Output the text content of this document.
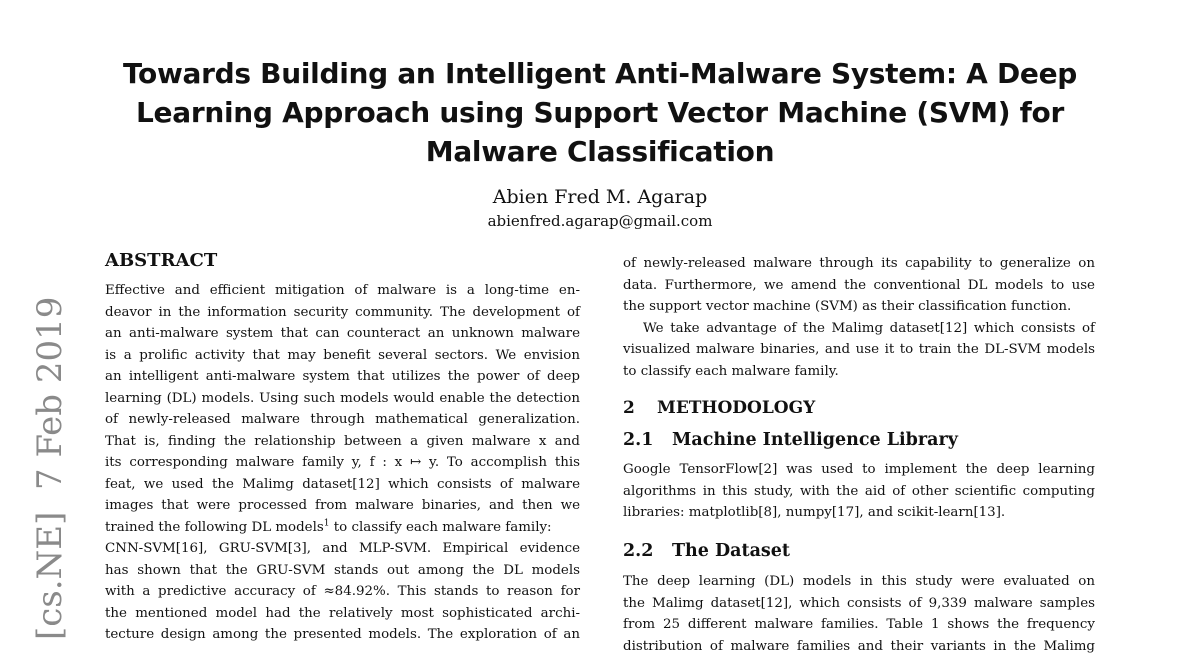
Towards Building an Intelligent Anti-Malware System: A Deep
Learning Approach using Support Vector Machine (SVM) for
Malware Classification
Abien Fred M. Agarap
abienfred.agarap@gmail.com
[cs.NE]  7 Feb 2019
ABSTRACT
Effective and efficient mitigation of malware is a long-time en-
deavor in the information security community. The development of
an anti-malware system that can counteract an unknown malware
is a prolific activity that may benefit several sectors. We envision
an intelligent anti-malware system that utilizes the power of deep
learning (DL) models. Using such models would enable the detection
of newly-released malware through mathematical generalization.
That is, finding the relationship between a given malware x and
its corresponding malware family y, f : x ↦ y. To accomplish this
feat, we used the Malimg dataset[12] which consists of malware
images that were processed from malware binaries, and then we
trained the following DL models$^1$ to classify each malware family:
CNN-SVM[16], GRU-SVM[3], and MLP-SVM. Empirical evidence
has shown that the GRU-SVM stands out among the DL models
with a predictive accuracy of ≈84.92%. This stands to reason for
the mentioned model had the relatively most sophisticated archi-
tecture design among the presented models. The exploration of an
of newly-released malware through its capability to generalize on
data. Furthermore, we amend the conventional DL models to use
the support vector machine (SVM) as their classification function.
We take advantage of the Malimg dataset[12] which consists of
visualized malware binaries, and use it to train the DL-SVM models
to classify each malware family.
2 METHODOLOGY
2.1 Machine Intelligence Library
Google TensorFlow[2] was used to implement the deep learning
algorithms in this study, with the aid of other scientific computing
libraries: matplotlib[8], numpy[17], and scikit-learn[13].
2.2 The Dataset
The deep learning (DL) models in this study were evaluated on
the Malimg dataset[12], which consists of 9,339 malware samples
from 25 different malware families. Table 1 shows the frequency
distribution of malware families and their variants in the Malimg
